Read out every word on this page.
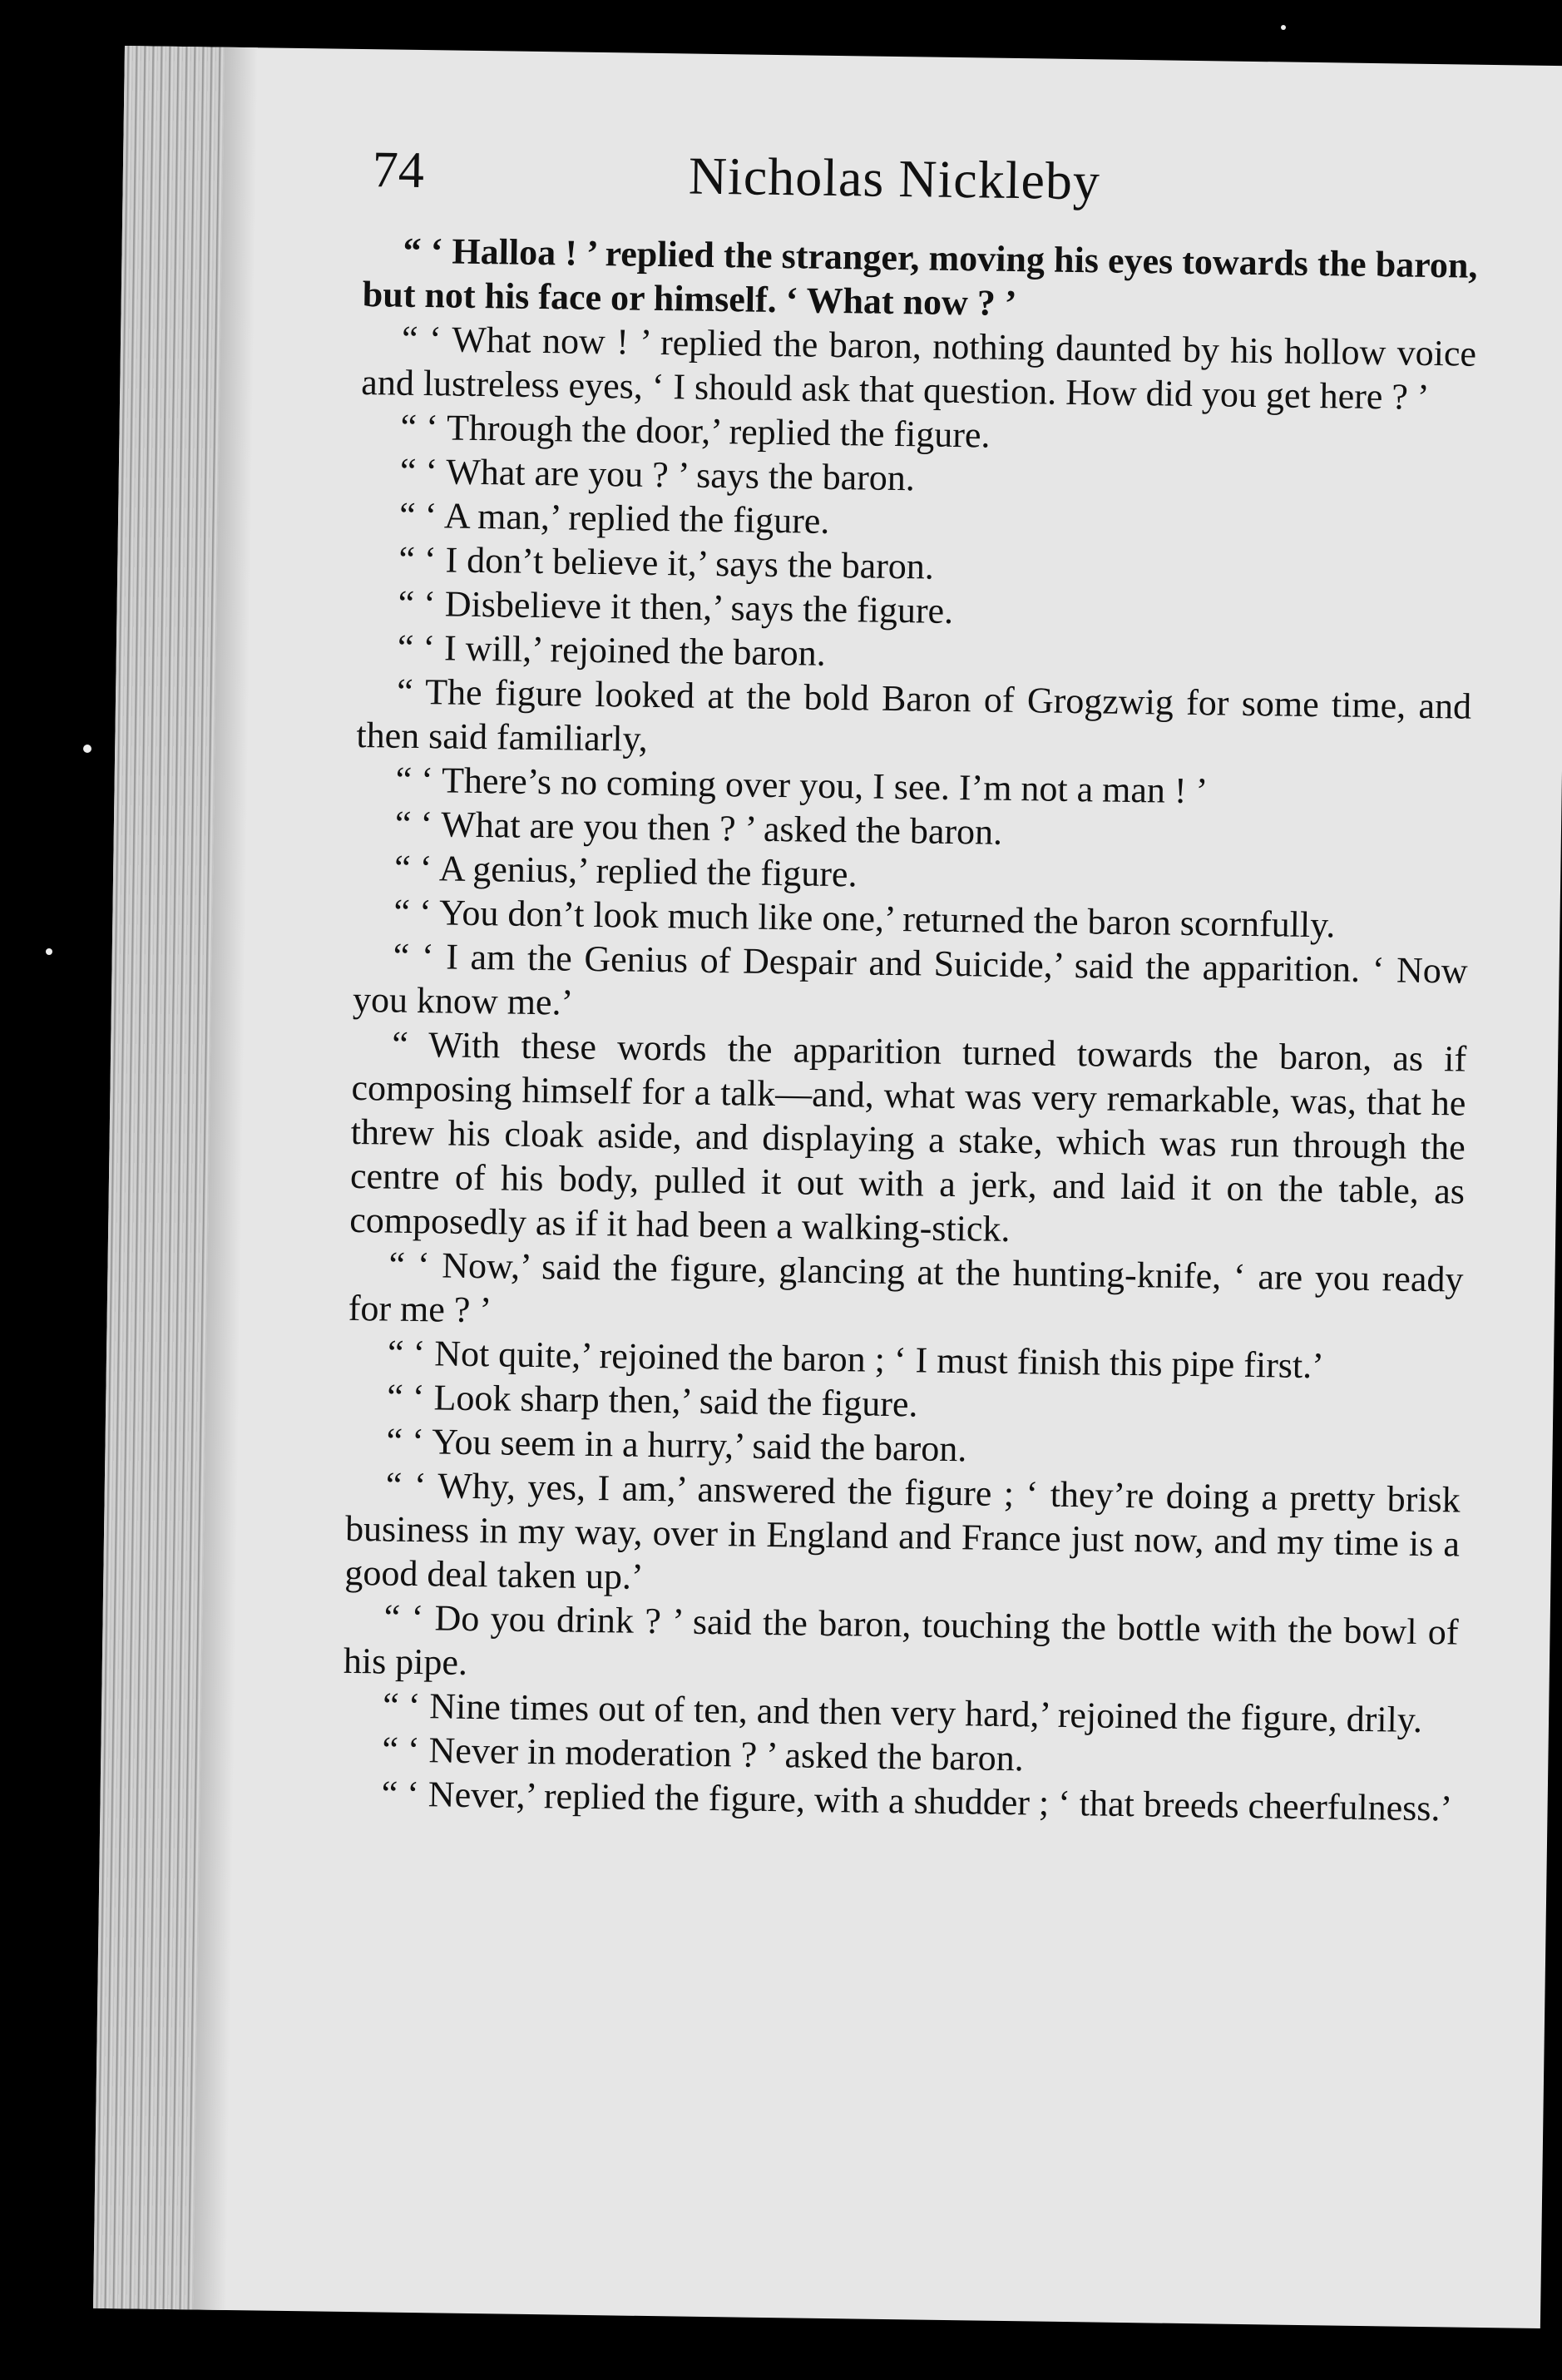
74	Nicholas Nickleby

“ ‘ Halloa ! ’ replied the stranger, moving his eyes towards the baron, but not his face or himself. ‘ What now ? ’

“ ‘ What now ! ’ replied the baron, nothing daunted by his hollow voice and lustreless eyes, ‘ I should ask that question. How did you get here ? ’

“ ‘ Through the door,’ replied the figure.

“ ‘ What are you ? ’ says the baron.

“ ‘ A man,’ replied the figure.

“ ‘ I don’t believe it,’ says the baron.

“ ‘ Disbelieve it then,’ says the figure.

“ ‘ I will,’ rejoined the baron.

“ The figure looked at the bold Baron of Grogzwig for some time, and then said familiarly,

“ ‘ There’s no coming over you, I see. I’m not a man ! ’

“ ‘ What are you then ? ’ asked the baron.

“ ‘ A genius,’ replied the figure.

“ ‘ You don’t look much like one,’ returned the baron scornfully.

“ ‘ I am the Genius of Despair and Suicide,’ said the apparition. ‘ Now you know me.’

“ With these words the apparition turned towards the baron, as if composing himself for a talk—and, what was very remarkable, was, that he threw his cloak aside, and displaying a stake, which was run through the centre of his body, pulled it out with a jerk, and laid it on the table, as composedly as if it had been a walking-stick.

“ ‘ Now,’ said the figure, glancing at the hunting-knife, ‘ are you ready for me ? ’

“ ‘ Not quite,’ rejoined the baron ; ‘ I must finish this pipe first.’

“ ‘ Look sharp then,’ said the figure.

“ ‘ You seem in a hurry,’ said the baron.

“ ‘ Why, yes, I am,’ answered the figure ; ‘ they’re doing a pretty brisk business in my way, over in England and France just now, and my time is a good deal taken up.’

“ ‘ Do you drink ? ’ said the baron, touching the bottle with the bowl of his pipe.

“ ‘ Nine times out of ten, and then very hard,’ rejoined the figure, drily.

“ ‘ Never in moderation ? ’ asked the baron.

“ ‘ Never,’ replied the figure, with a shudder ; ‘ that breeds cheerfulness.’
